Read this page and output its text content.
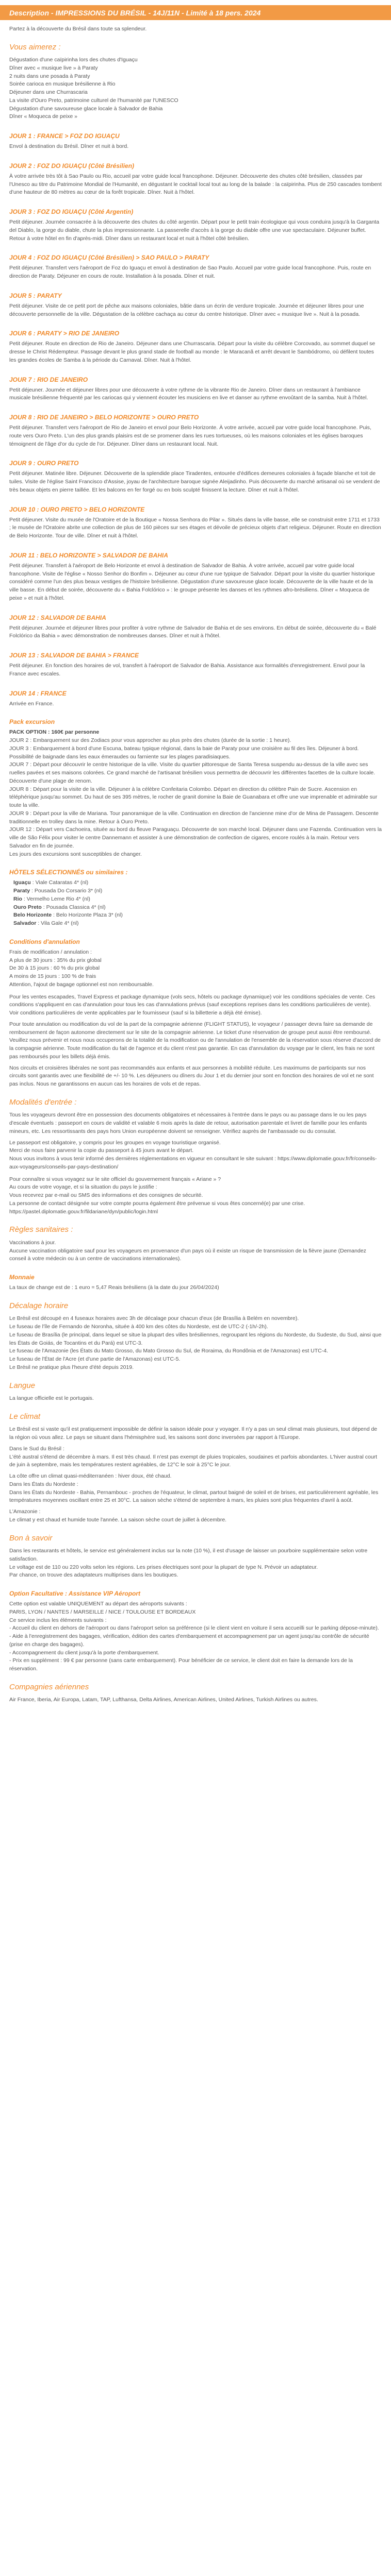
Description - IMPRESSIONS DU BRÉSIL - 14J/11N - Limité à 18 pers. 2024

Partez à la découverte du Brésil dans toute sa splendeur.

Vous aimerez :
Dégustation d'une caïpirinha lors des chutes d'Iguaçu
Dîner avec « musique live » à Paraty
2 nuits dans une posada à Paraty
Soirée carioca en musique brésilienne à Rio
Déjeuner dans une Churrascaria
La visite d'Ouro Preto, patrimoine culturel de l'humanité par l'UNESCO
Dégustation d'une savoureuse glace locale à Salvador de Bahia
Dîner « Moqueca de peixe »
JOUR 1 : FRANCE > FOZ DO IGUAÇU

Envol à destination du Brésil. Dîner et nuit à bord.

JOUR 2 : FOZ DO IGUAÇU (Côté Brésilien)

À votre arrivée très tôt à Sao Paulo ou Rio, accueil par votre guide local francophone. Déjeuner. Découverte des chutes côté brésilien, classées par l'Unesco au titre du Patrimoine Mondial de l'Humanité, en dégustant le cocktail local tout au long de la balade : la caïpirinha. Plus de 250 cascades tombent d'une hauteur de 80 mètres au cœur de la forêt tropicale. Dîner. Nuit à l'hôtel.

JOUR 3 : FOZ DO IGUAÇU (Côté Argentin)

Petit déjeuner. Journée consacrée à la découverte des chutes du côté argentin. Départ pour le petit train écologique qui vous conduira jusqu'à la Garganta del Diablo, la gorge du diable, chute la plus impressionnante. La passerelle d'accès à la gorge du diable offre une vue spectaculaire. Déjeuner buffet. Retour à votre hôtel en fin d'après-midi. Dîner dans un restaurant local et nuit à l'hôtel côté brésilien.

JOUR 4 : FOZ DO IGUAÇU (Côté Brésilien) > SAO PAULO > PARATY

Petit déjeuner. Transfert vers l'aéroport de Foz do Iguaçu et envol à destination de Sao Paulo. Accueil par votre guide local francophone. Puis, route en direction de Paraty. Déjeuner en cours de route. Installation à la posada. Dîner et nuit.

JOUR 5 : PARATY

Petit déjeuner. Visite de ce petit port de pêche aux maisons coloniales, bâtie dans un écrin de verdure tropicale. Journée et déjeuner libres pour une découverte personnelle de la ville. Dégustation de la célèbre cachaça au cœur du centre historique. Dîner avec « musique live ». Nuit à la posada.

JOUR 6 : PARATY > RIO DE JANEIRO

Petit déjeuner. Route en direction de Rio de Janeiro. Déjeuner dans une Churrascaria. Départ pour la visite du célèbre Corcovado, au sommet duquel se dresse le Christ Rédempteur. Passage devant le plus grand stade de football au monde : le Maracanã et arrêt devant le Sambódromo, où défilent toutes les grandes écoles de Samba à la période du Carnaval. Dîner. Nuit à l'hôtel.

JOUR 7 : RIO DE JANEIRO

Petit déjeuner. Journée et déjeuner libres pour une découverte à votre rythme de la vibrante Rio de Janeiro. Dîner dans un restaurant à l'ambiance musicale brésilienne fréquenté par les cariocas qui y viennent écouter les musiciens en live et danser au rythme envoûtant de la samba. Nuit à l'hôtel.

JOUR 8 : RIO DE JANEIRO > BELO HORIZONTE > OURO PRETO

Petit déjeuner. Transfert vers l'aéroport de Rio de Janeiro et envol pour Belo Horizonte. À votre arrivée, accueil par votre guide local francophone. Puis, route vers Ouro Preto. L'un des plus grands plaisirs est de se promener dans les rues tortueuses, où les maisons coloniales et les églises baroques témoignent de l'âge d'or du cycle de l'or. Déjeuner. Dîner dans un restaurant local. Nuit.

JOUR 9 : OURO PRETO

Petit déjeuner. Matinée libre. Déjeuner. Découverte de la splendide place Tiradentes, entourée d'édifices demeures coloniales à façade blanche et toit de tuiles. Visite de l'église Saint Francisco d'Assise, joyau de l'architecture baroque signée Aleijadinho. Puis découverte du marché artisanal où se vendent de très beaux objets en pierre taillée. Et les balcons en fer forgé ou en bois sculpté finissent la lecture. Dîner et nuit à l'hôtel.

JOUR 10 : OURO PRETO > BELO HORIZONTE

Petit déjeuner. Visite du musée de l'Oratoire et de la Boutique « Nossa Senhora do Pilar ». Situés dans la ville basse, elle se construisit entre 1711 et 1733 ; le musée de l'Oratoire abrite une collection de plus de 160 pièces sur ses étages et dévoile de précieux objets d'art religieux. Déjeuner. Route en direction de Belo Horizonte. Tour de ville. Dîner et nuit à l'hôtel.

JOUR 11 : BELO HORIZONTE > SALVADOR DE BAHIA

Petit déjeuner. Transfert à l'aéroport de Belo Horizonte et envol à destination de Salvador de Bahia. À votre arrivée, accueil par votre guide local francophone. Visite de l'église « Nosso Senhor do Bonfim ». Déjeuner au cœur d'une rue typique de Salvador. Départ pour la visite du quartier historique considéré comme l'un des plus beaux vestiges de l'histoire brésilienne. Dégustation d'une savoureuse glace locale. Découverte de la ville haute et de la ville basse. En début de soirée, découverte du « Bahia Folclórico » : le groupe présente les danses et les rythmes afro-brésiliens. Dîner « Moqueca de peixe » et nuit à l'hôtel.

JOUR 12 : SALVADOR DE BAHIA

Petit déjeuner. Journée et déjeuner libres pour profiter à votre rythme de Salvador de Bahia et de ses environs. En début de soirée, découverte du « Balé Folclórico da Bahia » avec démonstration de nombreuses danses. Dîner et nuit à l'hôtel.

JOUR 13 : SALVADOR DE BAHIA > FRANCE

Petit déjeuner. En fonction des horaires de vol, transfert à l'aéroport de Salvador de Bahia. Assistance aux formalités d'enregistrement. Envol pour la France avec escales.

JOUR 14 : FRANCE

Arrivée en France.

Pack excursion
PACK OPTION : 160€ par personne
JOUR 2 : Embarquement sur des Zodiacs pour vous approcher au plus près des chutes (durée de la sortie : 1 heure).
JOUR 3 : Embarquement à bord d'une Escuna, bateau typique régional, dans la baie de Paraty pour une croisière au fil des îles. Déjeuner à bord. Possibilité de baignade dans les eaux émeraudes ou farniente sur les plages paradisiaques.
JOUR 7 : Départ pour découvrir le centre historique de la ville. Visite du quartier pittoresque de Santa Teresa suspendu au-dessus de la ville avec ses ruelles pavées et ses maisons colorées. Ce grand marché de l'artisanat brésilien vous permettra de découvrir les différentes facettes de la culture locale. Découverte d'une plage de renom.
JOUR 8 : Départ pour la visite de la ville. Déjeuner à la célèbre Confeitaria Colombo. Départ en direction du célèbre Pain de Sucre. Ascension en téléphérique jusqu'au sommet. Du haut de ses 395 mètres, le rocher de granit domine la Baie de Guanabara et offre une vue imprenable et admirable sur toute la ville.
JOUR 9 : Départ pour la ville de Mariana. Tour panoramique de la ville. Continuation en direction de l'ancienne mine d'or de Mina de Passagem. Descente traditionnelle en trolley dans la mine. Retour à Ouro Preto.
JOUR 12 : Départ vers Cachoeira, située au bord du fleuve Paraguaçu. Découverte de son marché local. Déjeuner dans une Fazenda. Continuation vers la ville de São Félix pour visiter le centre Dannemann et assister à une démonstration de confection de cigares, encore roulés à la main. Retour vers Salvador en fin de journée.
Les jours des excursions sont susceptibles de changer.
HÔTELS SÉLECTIONNÉS ou similaires :
Iguaçu : Viale Cataratas 4* (nl)
Paraty : Pousada Do Corsario 3* (nl)
Rio : Vermelho Leme Rio 4* (nl)
Ouro Preto : Pousada Classica 4* (nl)
Belo Horizonte : Belo Horizonte Plaza 3* (nl)
Salvador : Vila Gale 4* (nl)
Conditions d'annulation
Frais de modification / annulation :
A plus de 30 jours : 35% du prix global
De 30 à 15 jours : 60 % du prix global
A moins de 15 jours : 100 % de frais
Attention, l'ajout de bagage optionnel est non remboursable.

Pour les ventes escapades, Travel Express et package dynamique (vols secs, hôtels ou package dynamique) voir les conditions spéciales de vente. Ces conditions s'appliquent en cas d'annulation pour tous les cas d'annulations prévus (sauf exceptions reprises dans les conditions particulières de vente). Voir conditions particulières de vente applicables par le fournisseur (sauf si la billetterie a déjà été émise).

Pour toute annulation ou modification du vol de la part de la compagnie aérienne (FLIGHT STATUS), le voyageur / passager devra faire sa demande de remboursement de façon autonome directement sur le site de la compagnie aérienne. Le ticket d'une réservation de groupe peut aussi être remboursé. Veuillez nous prévenir et nous nous occuperons de la totalité de la modification ou de l'annulation de l'ensemble de la réservation sous réserve d'accord de la compagnie aérienne. Toute modification du fait de l'agence et du client n'est pas garantie. En cas d'annulation du voyage par le client, les frais ne sont pas remboursés pour les billets déjà émis.

Nos circuits et croisières libérales ne sont pas recommandés aux enfants et aux personnes à mobilité réduite. Les maximums de participants sur nos circuits sont garantis avec une flexibilité de +/- 10 %. Les déjeuners ou dîners du Jour 1 et du dernier jour sont en fonction des horaires de vol et ne sont pas inclus. Nous ne garantissons en aucun cas les horaires de vols et de repas.

Modalités d'entrée :

Tous les voyageurs devront être en possession des documents obligatoires et nécessaires à l'entrée dans le pays ou au passage dans le ou les pays d'escale éventuels : passeport en cours de validité et valable 6 mois après la date de retour, autorisation parentale et livret de famille pour les enfants mineurs, etc. Les ressortissants des pays hors Union européenne doivent se renseigner. Vérifiez auprès de l'ambassade ou du consulat.

Le passeport est obligatoire, y compris pour les groupes en voyage touristique organisé.
Merci de nous faire parvenir la copie du passeport à 45 jours avant le départ.
Nous vous invitons à vous tenir informé des dernières réglementations en vigueur en consultant le site suivant : https://www.diplomatie.gouv.fr/fr/conseils-aux-voyageurs/conseils-par-pays-destination/
Pour connaître si vous voyagez sur le site officiel du gouvernement français « Ariane » ?
Au cours de votre voyage, et si la situation du pays le justifie :
Vous recevrez par e-mail ou SMS des informations et des consignes de sécurité.
La personne de contact désignée sur votre compte pourra également être prévenue si vous êtes concerné(e) par une crise.
https://pastel.diplomatie.gouv.fr/fildariane/dyn/public/login.html
Règles sanitaires :
Vaccinations à jour.
Aucune vaccination obligatoire sauf pour les voyageurs en provenance d'un pays où il existe un risque de transmission de la fièvre jaune (Demandez conseil à votre médecin ou à un centre de vaccinations internationales).
Monnaie

La taux de change est de : 1 euro = 5,47 Reais brésiliens (à la date du jour 26/04/2024)

Décalage horaire
Le Brésil est découpé en 4 fuseaux horaires avec 3h de décalage pour chacun d'eux (de Brasília à Belém en novembre).
Le fuseau de l'île de Fernando de Noronha, située à 400 km des côtes du Nordeste, est de UTC-2 (-1h/-2h).
Le fuseau de Brasília (le principal, dans lequel se situe la plupart des villes brésiliennes, regroupant les régions du Nordeste, du Sudeste, du Sud, ainsi que les États de Goiás, de Tocantins et du Pará) est UTC-3.
Le fuseau de l'Amazonie (les États du Mato Grosso, du Mato Grosso du Sul, de Roraima, du Rondônia et de l'Amazonas) est UTC-4.
Le fuseau de l'État de l'Acre (et d'une partie de l'Amazonas) est UTC-5.
Le Brésil ne pratique plus l'heure d'été depuis 2019.
Langue

La langue officielle est le portugais.

Le climat

Le Brésil est si vaste qu'il est pratiquement impossible de définir la saison idéale pour y voyager. Il n'y a pas un seul climat mais plusieurs, tout dépend de la région où vous allez. Le pays se situant dans l'hémisphère sud, les saisons sont donc inversées par rapport à l'Europe.

Dans le Sud du Brésil :

L'été austral s'étend de décembre à mars. Il est très chaud. Il n'est pas exempt de pluies tropicales, soudaines et parfois abondantes. L'hiver austral court de juin à septembre, mais les températures restent agréables, de 12°C le soir à 25°C le jour.

La côte offre un climat quasi-méditerranéen : hiver doux, été chaud.
Dans les États du Nordeste :

Dans les États du Nordeste - Bahia, Pernambouc - proches de l'équateur, le climat, partout baigné de soleil et de brises, est particulièrement agréable, les températures moyennes oscillant entre 25 et 30°C. La saison sèche s'étend de septembre à mars, les pluies sont plus fréquentes d'avril à août.

L'Amazonie :
Le climat y est chaud et humide toute l'année. La saison sèche court de juillet à décembre.
Bon à savoir
Dans les restaurants et hôtels, le service est généralement inclus sur la note (10 %), il est d'usage de laisser un pourboire supplémentaire selon votre satisfaction.
Le voltage est de 110 ou 220 volts selon les régions. Les prises électriques sont pour la plupart de type N. Prévoir un adaptateur.
Par chance, on trouve des adaptateurs multiprises dans les boutiques.
Option Facultative : Assistance VIP Aéroport
Cette option est valable UNIQUEMENT au départ des aéroports suivants :
PARIS, LYON / NANTES / MARSEILLE / NICE / TOULOUSE ET BORDEAUX
Ce service inclus les éléments suivants :
- Accueil du client en dehors de l'aéroport ou dans l'aéroport selon sa préférence (si le client vient en voiture il sera accueilli sur le parking dépose-minute).
- Aide à l'enregistrement des bagages, vérification, édition des cartes d'embarquement et accompagnement par un agent jusqu'au contrôle de sécurité (prise en charge des bagages).
- Accompagnement du client jusqu'à la porte d'embarquement.
- Prix en supplément : 99 € par personne (sans carte embarquement). Pour bénéficier de ce service, le client doit en faire la demande lors de la réservation.
Compagnies aériennes

Air France, Iberia, Air Europa, Latam, TAP, Lufthansa, Delta Airlines, American Airlines, United Airlines, Turkish Airlines ou autres.
